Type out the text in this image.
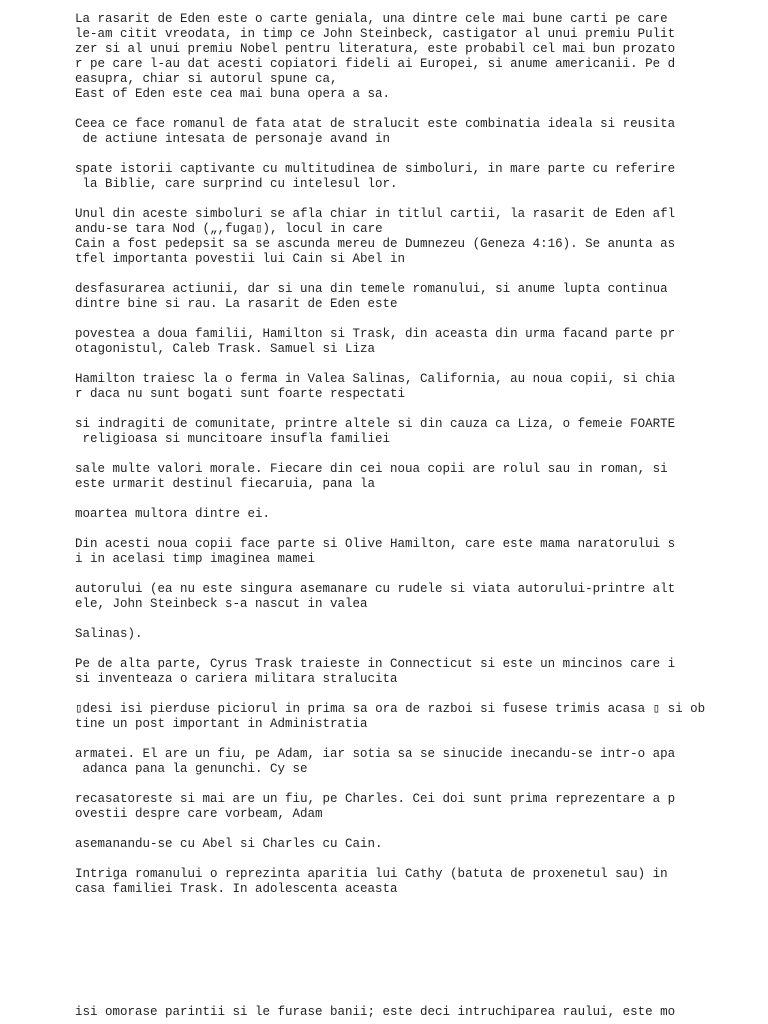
La rasarit de Eden este o carte geniala, una dintre cele mai bune carti pe care
le-am citit vreodata, in timp ce John Steinbeck, castigator al unui premiu Pulit
zer si al unui premiu Nobel pentru literatura, este probabil cel mai bun prozato
r pe care l-au dat acesti copiatori fideli ai Europei, si anume americanii. Pe d
easupra, chiar si autorul spune ca,
East of Eden este cea mai buna opera a sa.

Ceea ce face romanul de fata atat de stralucit este combinatia ideala si reusita
de actiune intesata de personaje avand in

spate istorii captivante cu multitudinea de simboluri, in mare parte cu referire
la Biblie, care surprind cu intelesul lor.

Unul din aceste simboluri se afla chiar in titlul cartii, la rasarit de Eden afl
andu-se tara Nod („,fuga▯), locul in care
Cain a fost pedepsit sa se ascunda mereu de Dumnezeu (Geneza 4:16). Se anunta as
tfel importanta povestii lui Cain si Abel in

desfasurarea actiunii, dar si una din temele romanului, si anume lupta continua
dintre bine si rau. La rasarit de Eden este

povestea a doua familii, Hamilton si Trask, din aceasta din urma facand parte pr
otagonistul, Caleb Trask. Samuel si Liza

Hamilton traiesc la o ferma in Valea Salinas, California, au noua copii, si chia
r daca nu sunt bogati sunt foarte respectati

si indragiti de comunitate, printre altele si din cauza ca Liza, o femeie FOARTE
religioasa si muncitoare insufla familiei

sale multe valori morale. Fiecare din cei noua copii are rolul sau in roman, si
este urmarit destinul fiecaruia, pana la

moartea multora dintre ei.

Din acesti noua copii face parte si Olive Hamilton, care este mama naratorului s
i in acelasi timp imaginea mamei

autorului (ea nu este singura asemanare cu rudele si viata autorului-printre alt
ele, John Steinbeck s-a nascut in valea

Salinas).

Pe de alta parte, Cyrus Trask traieste in Connecticut si este un mincinos care i
si inventeaza o cariera militara stralucita

▯desi isi pierduse piciorul in prima sa ora de razboi si fusese trimis acasa ▯ si ob
tine un post important in Administratia

armatei. El are un fiu, pe Adam, iar sotia sa se sinucide inecandu-se intr-o apa
adanca pana la genunchi. Cy se

recasatoreste si mai are un fiu, pe Charles. Cei doi sunt prima reprezentare a p
ovestii despre care vorbeam, Adam

asemanandu-se cu Abel si Charles cu Cain.

Intriga romanului o reprezinta aparitia lui Cathy (batuta de proxenetul sau) in
casa familiei Trask. In adolescenta aceasta

isi omorase parintii si le furase banii; este deci intruchiparea raului, este mo
